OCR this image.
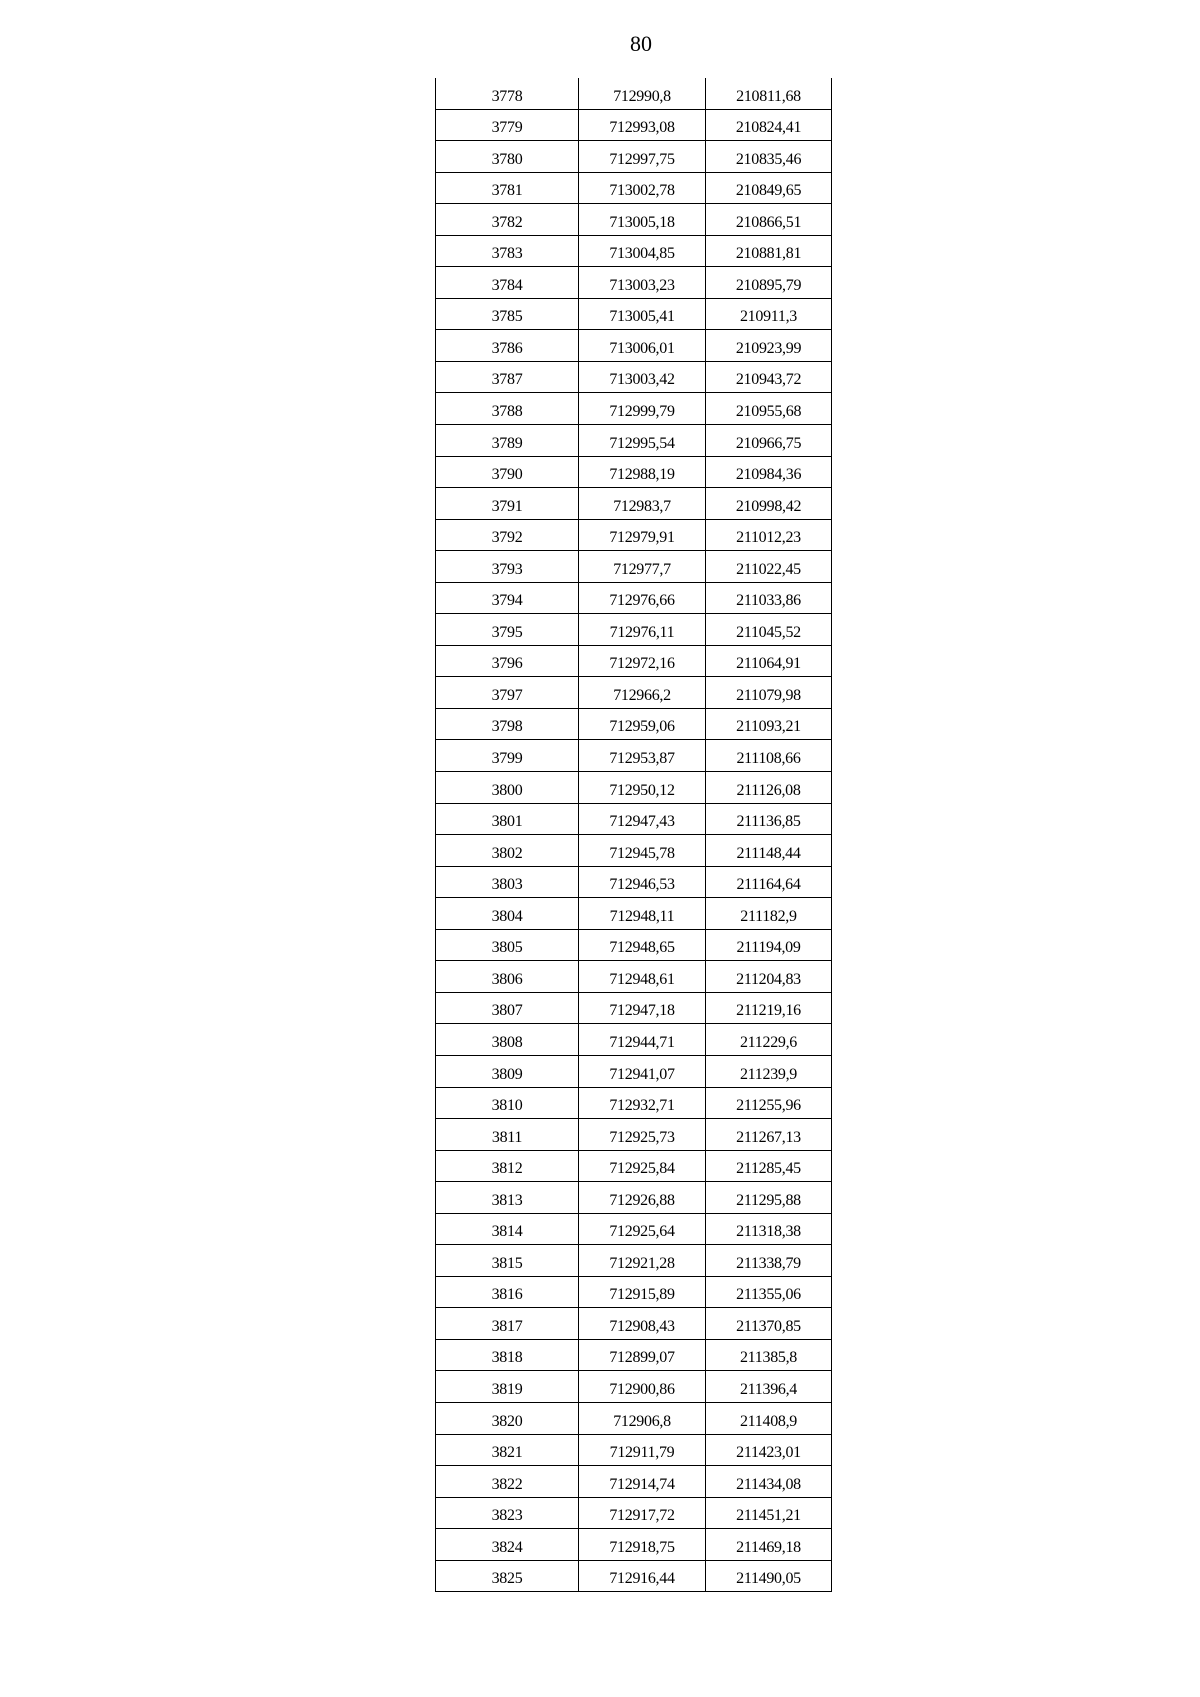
80
3778	712990,8	210811,68
3779	712993,08	210824,41
3780	712997,75	210835,46
3781	713002,78	210849,65
3782	713005,18	210866,51
3783	713004,85	210881,81
3784	713003,23	210895,79
3785	713005,41	210911,3
3786	713006,01	210923,99
3787	713003,42	210943,72
3788	712999,79	210955,68
3789	712995,54	210966,75
3790	712988,19	210984,36
3791	712983,7	210998,42
3792	712979,91	211012,23
3793	712977,7	211022,45
3794	712976,66	211033,86
3795	712976,11	211045,52
3796	712972,16	211064,91
3797	712966,2	211079,98
3798	712959,06	211093,21
3799	712953,87	211108,66
3800	712950,12	211126,08
3801	712947,43	211136,85
3802	712945,78	211148,44
3803	712946,53	211164,64
3804	712948,11	211182,9
3805	712948,65	211194,09
3806	712948,61	211204,83
3807	712947,18	211219,16
3808	712944,71	211229,6
3809	712941,07	211239,9
3810	712932,71	211255,96
3811	712925,73	211267,13
3812	712925,84	211285,45
3813	712926,88	211295,88
3814	712925,64	211318,38
3815	712921,28	211338,79
3816	712915,89	211355,06
3817	712908,43	211370,85
3818	712899,07	211385,8
3819	712900,86	211396,4
3820	712906,8	211408,9
3821	712911,79	211423,01
3822	712914,74	211434,08
3823	712917,72	211451,21
3824	712918,75	211469,18
3825	712916,44	211490,05
